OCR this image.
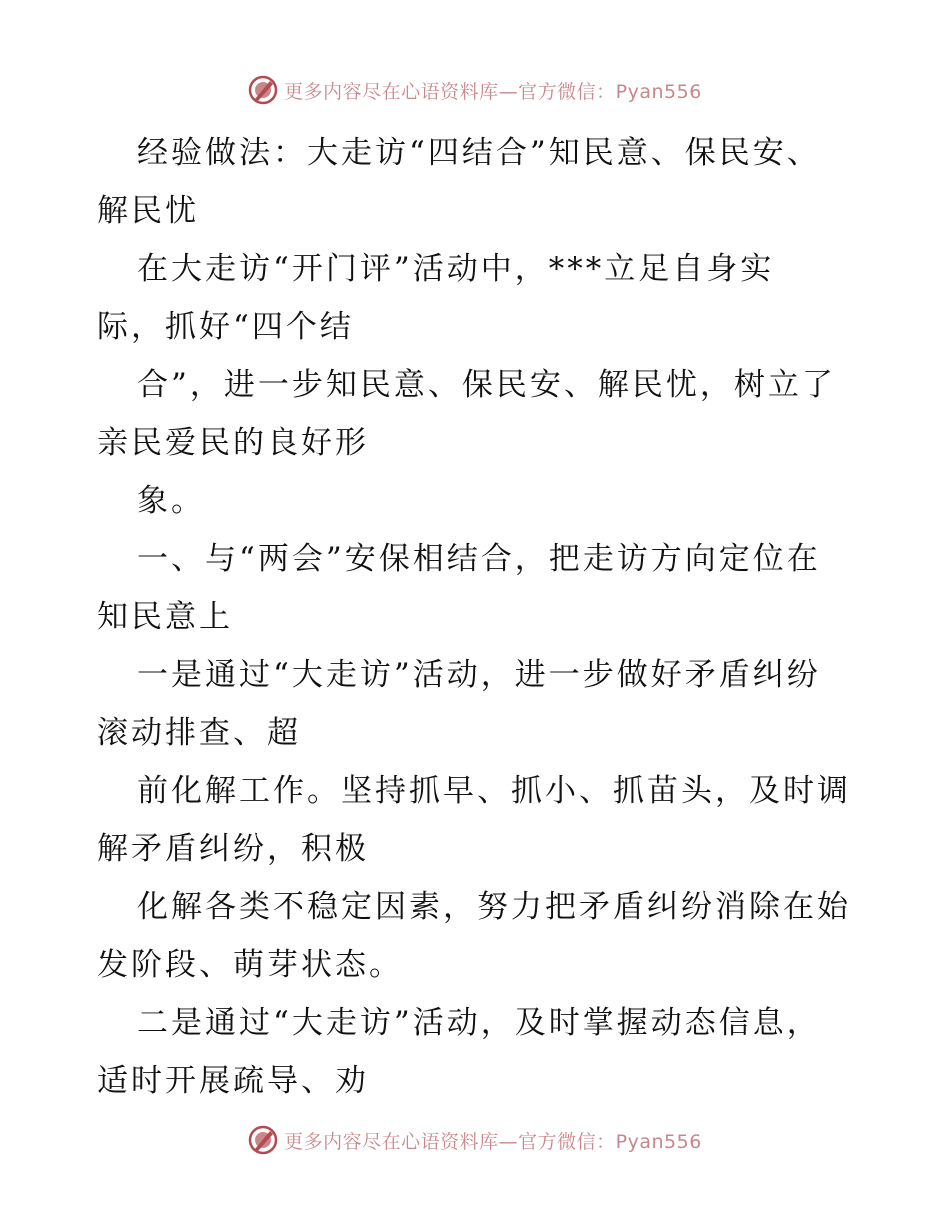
更多内容尽在心语资料库—官方微信：Pyan556
经验做法：大走访“四结合”知民意、保民安、
解民忧
在大走访“开门评”活动中，***立足自身实
际，抓好“四个结
合”，进一步知民意、保民安、解民忧，树立了
亲民爱民的良好形
象。
一、与“两会”安保相结合，把走访方向定位在
知民意上
一是通过“大走访”活动，进一步做好矛盾纠纷
滚动排查、超
前化解工作。坚持抓早、抓小、抓苗头，及时调
解矛盾纠纷，积极
化解各类不稳定因素，努力把矛盾纠纷消除在始
发阶段、萌芽状态。
二是通过“大走访”活动，及时掌握动态信息，
适时开展疏导、劝
更多内容尽在心语资料库—官方微信：Pyan556
